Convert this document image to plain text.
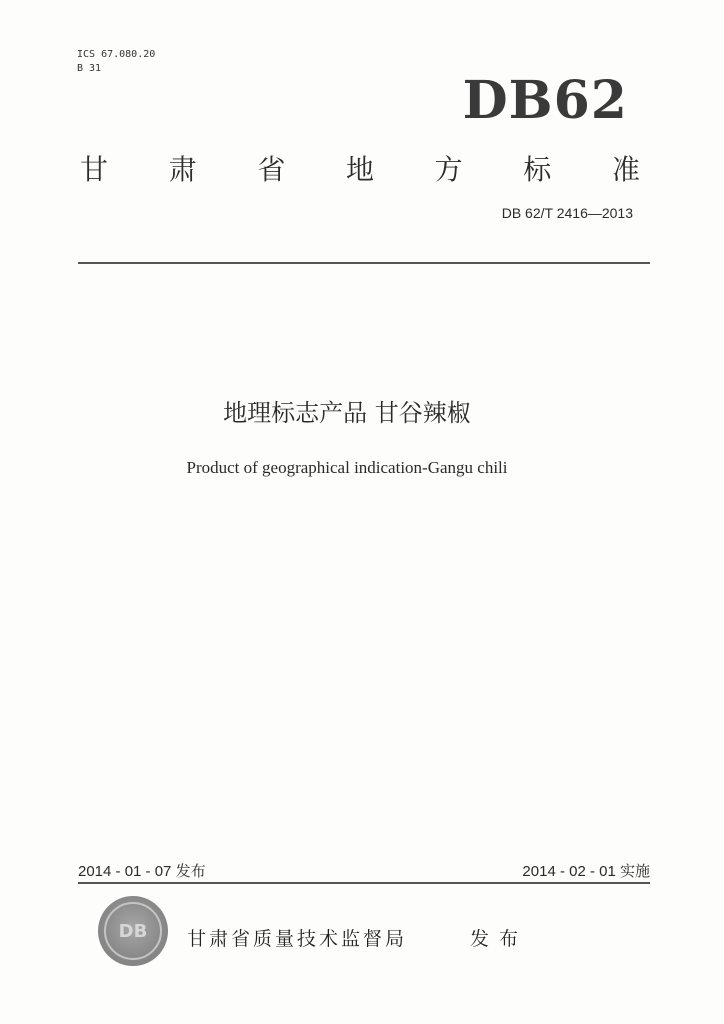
ICS 67.080.20
B 31
DB62
甘 肃 省 地 方 标 准
DB 62/T 2416—2013
地理标志产品 甘谷辣椒
Product of geographical indication-Gangu chili
2014 - 01 - 07 发布	2014 - 02 - 01 实施
DB 甘肃省质量技术监督局	发布
